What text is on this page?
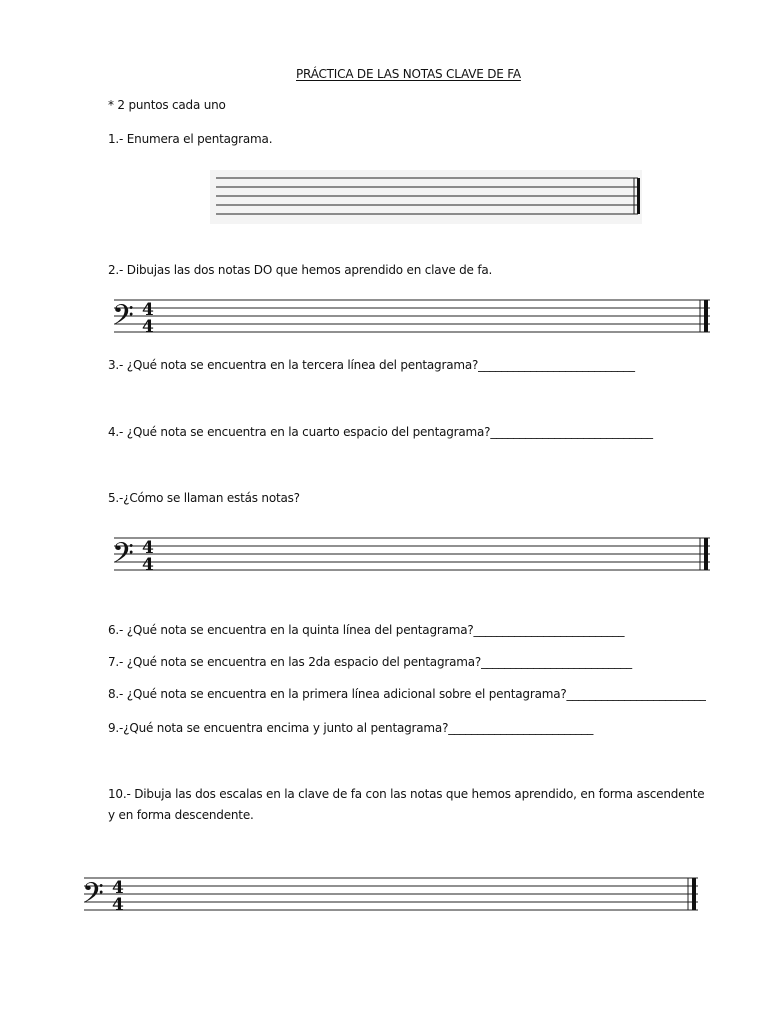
PRÁCTICA DE LAS NOTAS CLAVE DE FA
* 2 puntos cada uno
1.- Enumera el pentagrama.
2.- Dibujas las dos notas DO que hemos aprendido en clave de fa.
𝄢 4
4
3.- ¿Qué nota se encuentra en la tercera línea del pentagrama?___________________________
4.- ¿Qué nota se encuentra en la cuarto espacio del pentagrama?____________________________
5.-¿Cómo se llaman estás notas?
𝄢 4
4
6.- ¿Qué nota se encuentra en la quinta línea del pentagrama?__________________________
7.- ¿Qué nota se encuentra en las 2da espacio del pentagrama?__________________________
8.- ¿Qué nota se encuentra en la primera línea adicional sobre el pentagrama?________________________
9.-¿Qué nota se encuentra encima y junto al pentagrama?_________________________
10.- Dibuja las dos escalas en la clave de fa con las notas que hemos aprendido, en forma ascendente y en forma descendente.
𝄢 4
4
